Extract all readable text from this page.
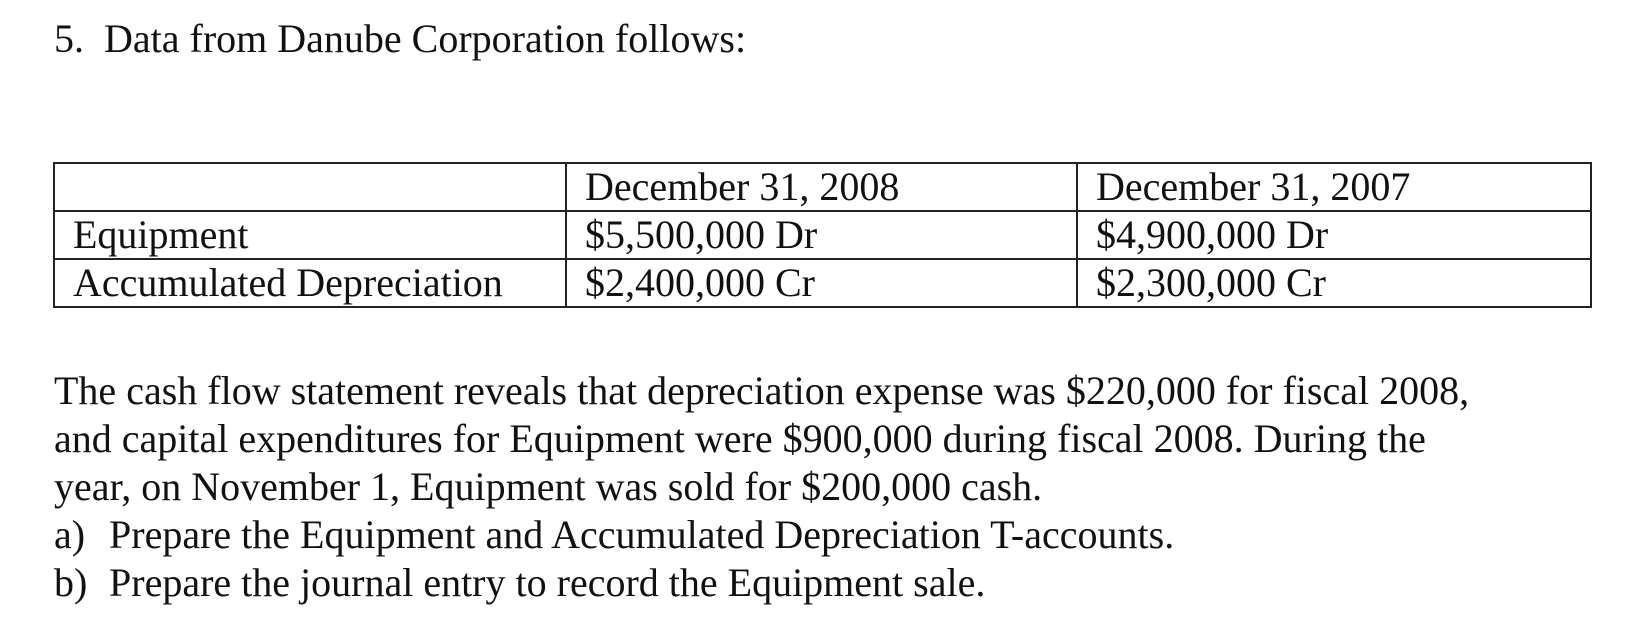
5. Data from Danube Corporation follows:
	December 31, 2008	December 31, 2007
Equipment	$5,500,000 Dr	$4,900,000 Dr
Accumulated Depreciation	$2,400,000 Cr	$2,300,000 Cr
The cash flow statement reveals that depreciation expense was $220,000 for fiscal 2008,
and capital expenditures for Equipment were $900,000 during fiscal 2008. During the
year, on November 1, Equipment was sold for $200,000 cash.
a) Prepare the Equipment and Accumulated Depreciation T-accounts.
b) Prepare the journal entry to record the Equipment sale.
